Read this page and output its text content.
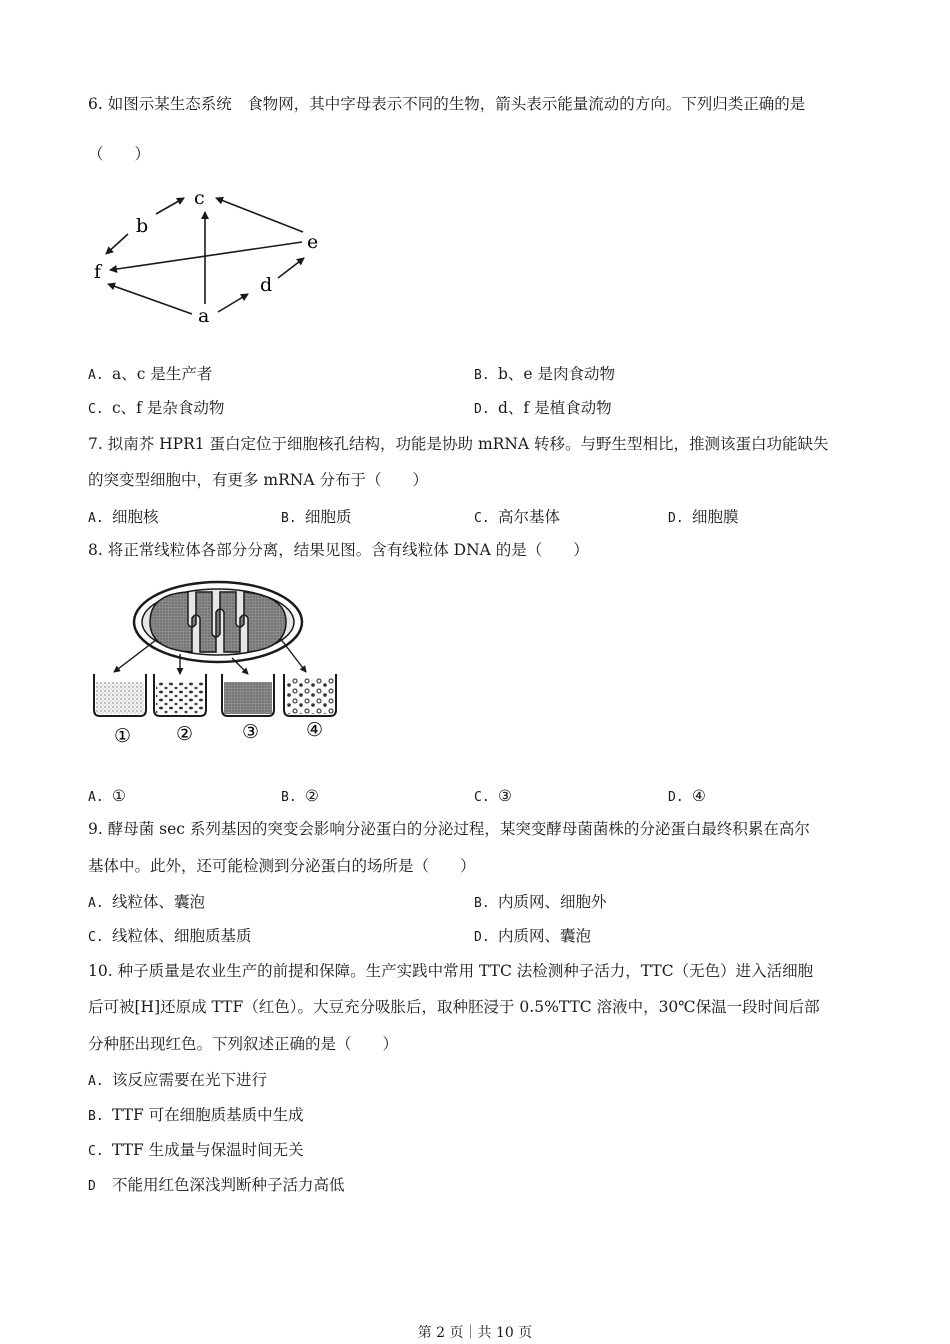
6. 如图示某生态系统　食物网，其中字母表示不同的生物，箭头表示能量流动的方向。下列归类正确的是
（　　）
c
b
e
f
d
a
A. a、c 是生产者	B. b、e 是肉食动物
C. c、f 是杂食动物	D. d、f 是植食动物
7. 拟南芥 HPR1 蛋白定位于细胞核孔结构，功能是协助 mRNA 转移。与野生型相比，推测该蛋白功能缺失
的突变型细胞中，有更多 mRNA 分布于（　　）
A. 细胞核	B. 细胞质	C. 高尔基体	D. 细胞膜
8. 将正常线粒体各部分分离，结果见图。含有线粒体 DNA 的是（　　）
① ②	③ ④
A. ①	B. ②	C. ③	D. ④
9. 酵母菌 sec 系列基因的突变会影响分泌蛋白的分泌过程，某突变酵母菌菌株的分泌蛋白最终积累在高尔
基体中。此外，还可能检测到分泌蛋白的场所是（　　）
A. 线粒体、囊泡	B. 内质网、细胞外
C. 线粒体、细胞质基质	D. 内质网、囊泡
10. 种子质量是农业生产的前提和保障。生产实践中常用 TTC 法检测种子活力，TTC（无色）进入活细胞
后可被[H]还原成 TTF（红色）。大豆充分吸胀后，取种胚浸于 0.5%TTC 溶液中，30℃保温一段时间后部
分种胚出现红色。下列叙述正确的是（　　）
A. 该反应需要在光下进行
B. TTF 可在细胞质基质中生成
C. TTF 生成量与保温时间无关
D 不能用红色深浅判断种子活力高低
第 2 页｜共 10 页
